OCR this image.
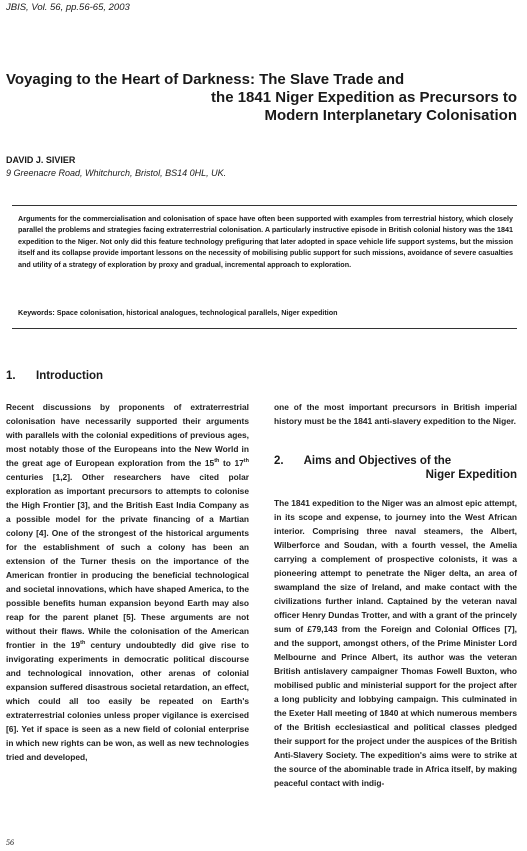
JBIS, Vol. 56, pp.56-65, 2003
Voyaging to the Heart of Darkness: The Slave Trade and
the 1841 Niger Expedition as Precursors to
Modern Interplanetary Colonisation
DAVID J. SIVIER
9 Greenacre Road, Whitchurch, Bristol, BS14 0HL, UK.
Arguments for the commercialisation and colonisation of space have often been supported with examples from terrestrial history, which closely parallel the problems and strategies facing extraterrestrial colonisation. A particularly instructive episode in British colonial history was the 1841 expedition to the Niger. Not only did this feature technology prefiguring that later adopted in space vehicle life support systems, but the mission itself and its collapse provide important lessons on the necessity of mobilising public support for such missions, avoidance of severe casualties and utility of a strategy of exploration by proxy and gradual, incremental approach to exploration.
Keywords: Space colonisation, historical analogues, technological parallels, Niger expedition
1. Introduction

Recent discussions by proponents of extraterrestrial colonisation have necessarily supported their arguments with parallels with the colonial expeditions of previous ages, most notably those of the Europeans into the New World in the great age of European exploration from the 15th to 17th centuries [1,2]. Other researchers have cited polar exploration as important precursors to attempts to colonise the High Frontier [3], and the British East India Company as a possible model for the private financing of a Martian colony [4]. One of the strongest of the historical arguments for the establishment of such a colony has been an extension of the Turner thesis on the importance of the American frontier in producing the beneficial technological and societal innovations, which have shaped America, to the possible benefits human expansion beyond Earth may also reap for the parent planet [5]. These arguments are not without their flaws. While the colonisation of the American frontier in the 19th century undoubtedly did give rise to invigorating experiments in democratic political discourse and technological innovation, other arenas of colonial expansion suffered disastrous societal retardation, an effect, which could all too easily be repeated on Earth's extraterrestrial colonies unless proper vigilance is exercised [6]. Yet if space is seen as a new field of colonial enterprise in which new rights can be won, as well as new technologies tried and developed,

one of the most important precursors in British imperial history must be the 1841 anti-slavery expedition to the Niger.

2. Aims and Objectives of the
Niger Expedition

The 1841 expedition to the Niger was an almost epic attempt, in its scope and expense, to journey into the West African interior. Comprising three naval steamers, the Albert, Wilberforce and Soudan, with a fourth vessel, the Amelia carrying a complement of prospective colonists, it was a pioneering attempt to penetrate the Niger delta, an area of swampland the size of Ireland, and make contact with the civilizations further inland. Captained by the veteran naval officer Henry Dundas Trotter, and with a grant of the princely sum of £79,143 from the Foreign and Colonial Offices [7], and the support, amongst others, of the Prime Minister Lord Melbourne and Prince Albert, its author was the veteran British antislavery campaigner Thomas Fowell Buxton, who mobilised public and ministerial support for the project after a long publicity and lobbying campaign. This culminated in the Exeter Hall meeting of 1840 at which numerous members of the British ecclesiastical and political classes pledged their support for the project under the auspices of the British Anti-Slavery Society. The expedition's aims were to strike at the source of the abominable trade in Africa itself, by making peaceful contact with indig-

56
